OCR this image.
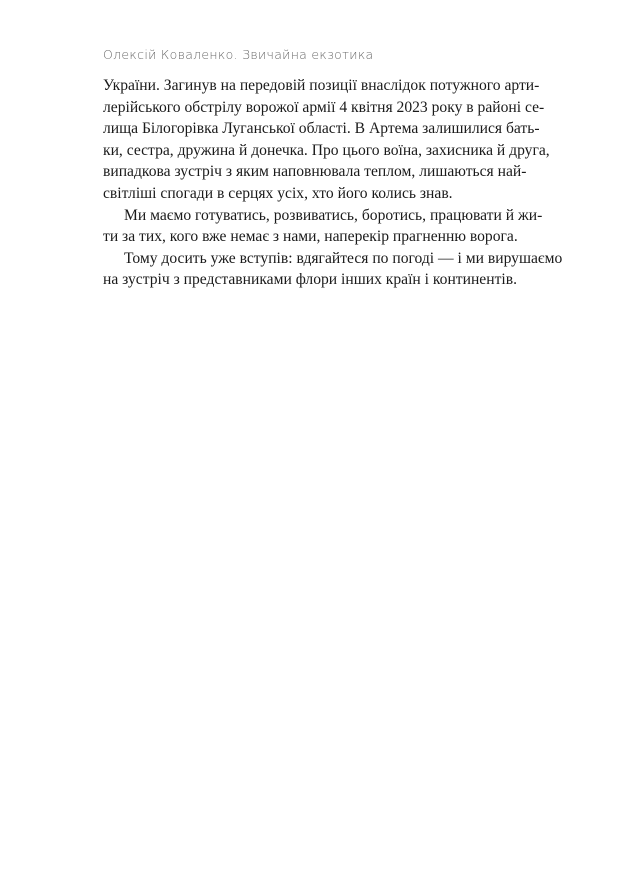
Олексій Коваленко. Звичайна екзотика

України. Загинув на передовій позиції внаслідок потужного арти-
лерійського обстрілу ворожої армії 4 квітня 2023 року в районі се-
лища Білогорівка Луганської області. В Артема залишилися бать-
ки, сестра, дружина й донечка. Про цього воїна, захисника й друга,
випадкова зустріч з яким наповнювала теплом, лишаються най-
світліші спогади в серцях усіх, хто його колись знав.

Ми маємо готуватись, розвиватись, боротись, працювати й жи-
ти за тих, кого вже немає з нами, наперекір прагненню ворога.

Тому досить уже вступів: вдягайтеся по погоді — і ми вирушаємо
на зустріч з представниками флори інших країн і континентів.
